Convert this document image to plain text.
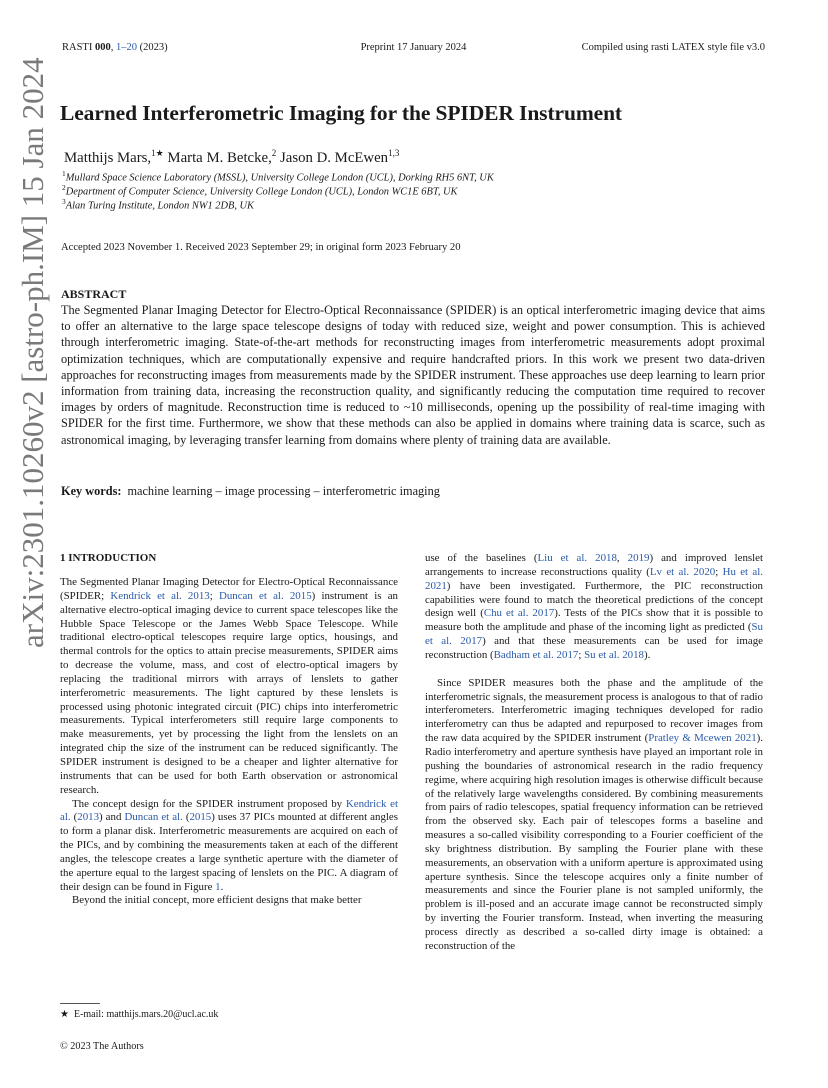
RASTI 000, 1–20 (2023)	Preprint 17 January 2024	Compiled using rasti LATEX style file v3.0
Learned Interferometric Imaging for the SPIDER Instrument
Matthijs Mars,$^{1★}$ Marta M. Betcke,$^2$ Jason D. McEwen$^{1,3}$
$^1$Mullard Space Science Laboratory (MSSL), University College London (UCL), Dorking RH5 6NT, UK
$^2$Department of Computer Science, University College London (UCL), London WC1E 6BT, UK
$^3$Alan Turing Institute, London NW1 2DB, UK
Accepted 2023 November 1. Received 2023 September 29; in original form 2023 February 20
ABSTRACT
The Segmented Planar Imaging Detector for Electro-Optical Reconnaissance (SPIDER) is an optical interferometric imaging device that aims to offer an alternative to the large space telescope designs of today with reduced size, weight and power consumption. This is achieved through interferometric imaging. State-of-the-art methods for reconstructing images from interferometric measurements adopt proximal optimization techniques, which are computationally expensive and require handcrafted priors. In this work we present two data-driven approaches for reconstructing images from measurements made by the SPIDER instrument. These approaches use deep learning to learn prior information from training data, increasing the reconstruction quality, and significantly reducing the computation time required to recover images by orders of magnitude. Reconstruction time is reduced to ~10 milliseconds, opening up the possibility of real-time imaging with SPIDER for the first time. Furthermore, we show that these methods can also be applied in domains where training data is scarce, such as astronomical imaging, by leveraging transfer learning from domains where plenty of training data are available.
Key words: machine learning – image processing – interferometric imaging
arXiv:2301.10260v2 [astro-ph.IM] 15 Jan 2024 1 INTRODUCTION

The Segmented Planar Imaging Detector for Electro-Optical Reconnaissance (SPIDER; Kendrick et al. 2013; Duncan et al. 2015) instrument is an alternative electro-optical imaging device to current space telescopes like the Hubble Space Telescope or the James Webb Space Telescope. While traditional electro-optical telescopes require large optics, housings, and thermal controls for the optics to attain precise measurements, SPIDER aims to decrease the volume, mass, and cost of electro-optical imagers by replacing the traditional mirrors with arrays of lenslets to gather interferometric measurements. The light captured by these lenslets is processed using photonic integrated circuit (PIC) chips into interferometric measurements. Typical interferometers still require large components to make measurements, yet by processing the light from the lenslets on an integrated chip the size of the instrument can be reduced significantly. The SPIDER instrument is designed to be a cheaper and lighter alternative for instruments that can be used for both Earth observation or astronomical research.

The concept design for the SPIDER instrument proposed by Kendrick et al. (2013) and Duncan et al. (2015) uses 37 PICs mounted at different angles to form a planar disk. Interferometric measurements are acquired on each of the PICs, and by combining the measurements taken at each of the different angles, the telescope creates a large synthetic aperture with the diameter of the aperture equal to the largest spacing of lenslets on the PIC. A diagram of their design can be found in Figure 1.

Beyond the initial concept, more efficient designs that make better

use of the baselines (Liu et al. 2018, 2019) and improved lenslet arrangements to increase reconstructions quality (Lv et al. 2020; Hu et al. 2021) have been investigated. Furthermore, the PIC reconstruction capabilities were found to match the theoretical predictions of the concept design well (Chu et al. 2017). Tests of the PICs show that it is possible to measure both the amplitude and phase of the incoming light as predicted (Su et al. 2017) and that these measurements can be used for image reconstruction (Badham et al. 2017; Su et al. 2018).

Since SPIDER measures both the phase and the amplitude of the interferometric signals, the measurement process is analogous to that of radio interferometers. Interferometric imaging techniques developed for radio interferometry can thus be adapted and repurposed to recover images from the raw data acquired by the SPIDER instrument (Pratley & Mcewen 2021). Radio interferometry and aperture synthesis have played an important role in pushing the boundaries of astronomical research in the radio frequency regime, where acquiring high resolution images is otherwise difficult because of the relatively large wavelengths considered. By combining measurements from pairs of radio telescopes, spatial frequency information can be retrieved from the observed sky. Each pair of telescopes forms a baseline and measures a so-called visibility corresponding to a Fourier coefficient of the sky brightness distribution. By sampling the Fourier plane with these measurements, an observation with a uniform aperture is approximated using aperture synthesis. Since the telescope acquires only a finite number of measurements and since the Fourier plane is not sampled uniformly, the problem is ill-posed and an accurate image cannot be reconstructed simply by inverting the Fourier transform. Instead, when inverting the measuring process directly as described a so-called dirty image is obtained: a reconstruction of the

★ E-mail: matthijs.mars.20@ucl.ac.uk
© 2023 The Authors
